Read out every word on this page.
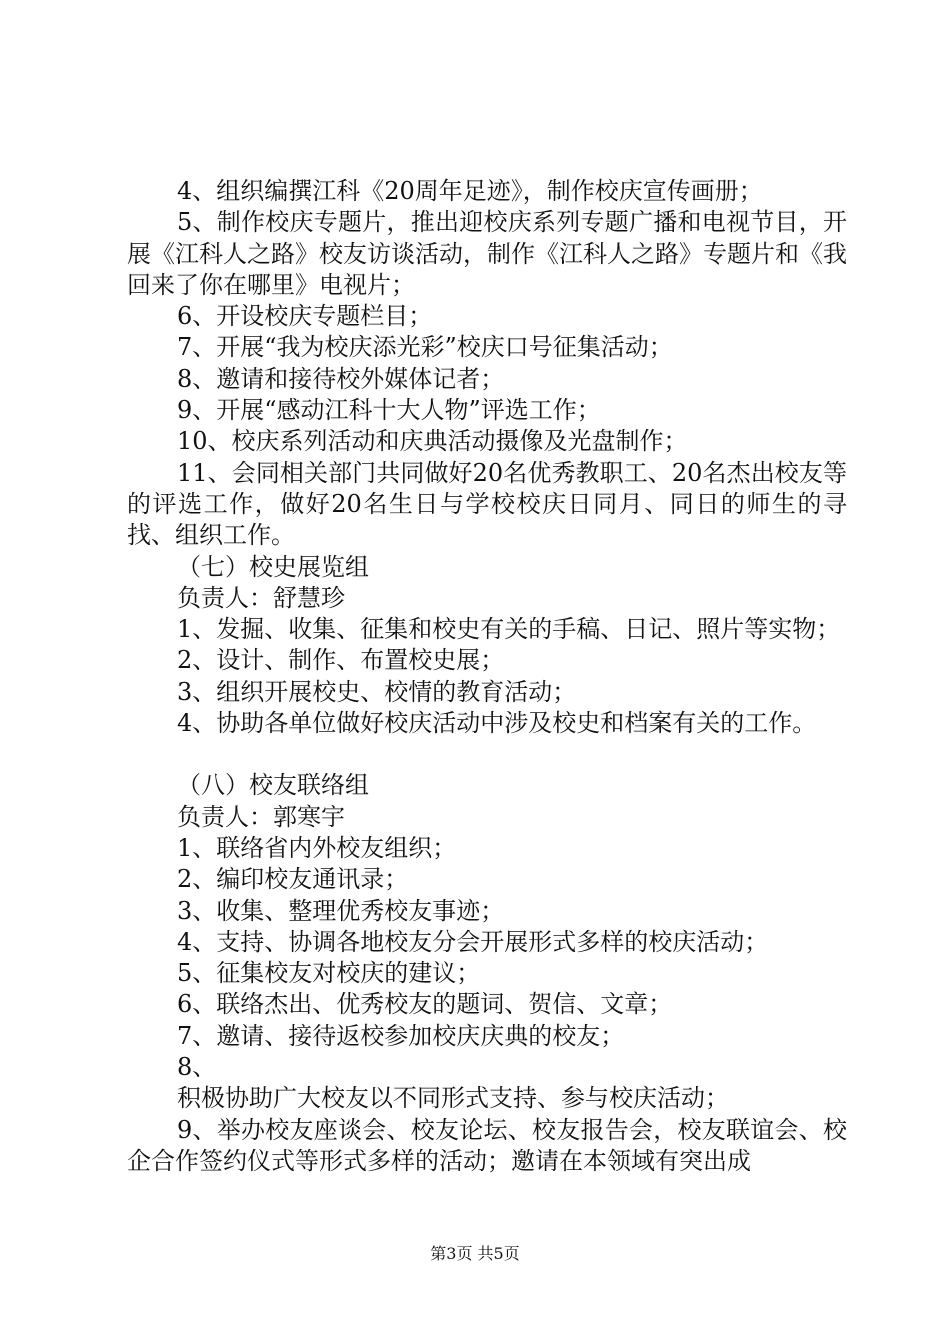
4、组织编撰江科《20周年足迹》，制作校庆宣传画册；

5、制作校庆专题片，推出迎校庆系列专题广播和电视节目，开展《江科人之路》校友访谈活动，制作《江科人之路》专题片和《我回来了你在哪里》电视片；

6、开设校庆专题栏目；

7、开展“我为校庆添光彩”校庆口号征集活动；

8、邀请和接待校外媒体记者；

9、开展“感动江科十大人物”评选工作；

10、校庆系列活动和庆典活动摄像及光盘制作；

11、会同相关部门共同做好20名优秀教职工、20名杰出校友等的评选工作，做好20名生日与学校校庆日同月、同日的师生的寻找、组织工作。

（七）校史展览组

负责人：舒慧珍

1、发掘、收集、征集和校史有关的手稿、日记、照片等实物；

2、设计、制作、布置校史展；

3、组织开展校史、校情的教育活动；

4、协助各单位做好校庆活动中涉及校史和档案有关的工作。

（八）校友联络组

负责人：郭寒宇

1、联络省内外校友组织；

2、编印校友通讯录；

3、收集、整理优秀校友事迹；

4、支持、协调各地校友分会开展形式多样的校庆活动；

5、征集校友对校庆的建议；

6、联络杰出、优秀校友的题词、贺信、文章；

7、邀请、接待返校参加校庆庆典的校友；

8、

积极协助广大校友以不同形式支持、参与校庆活动；

9、举办校友座谈会、校友论坛、校友报告会，校友联谊会、校企合作签约仪式等形式多样的活动；邀请在本领域有突出成

第3页 共5页
